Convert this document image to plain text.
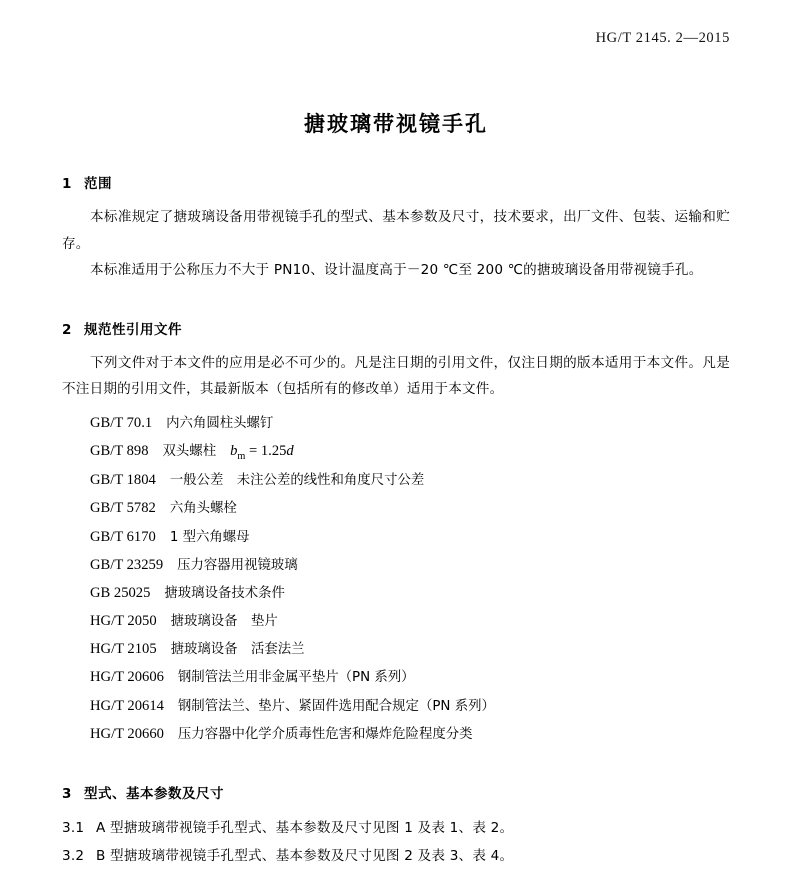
HG/T 2145. 2—2015
搪玻璃带视镜手孔
1 范围

本标准规定了搪玻璃设备用带视镜手孔的型式、基本参数及尺寸，技术要求，出厂文件、包装、运输和贮存。

本标准适用于公称压力不大于 PN10、设计温度高于－20 ℃至 200 ℃的搪玻璃设备用带视镜手孔。

2 规范性引用文件

下列文件对于本文件的应用是必不可少的。凡是注日期的引用文件，仅注日期的版本适用于本文件。凡是不注日期的引用文件，其最新版本（包括所有的修改单）适用于本文件。

GB/T 70.1 内六角圆柱头螺钉
GB/T 898 双头螺柱 $b_m = 1.25d$
GB/T 1804 一般公差　未注公差的线性和角度尺寸公差
GB/T 5782 六角头螺栓
GB/T 6170 1 型六角螺母
GB/T 23259 压力容器用视镜玻璃
GB 25025 搪玻璃设备技术条件
HG/T 2050 搪玻璃设备　垫片
HG/T 2105 搪玻璃设备　活套法兰
HG/T 20606 钢制管法兰用非金属平垫片（PN 系列）
HG/T 20614 钢制管法兰、垫片、紧固件选用配合规定（PN 系列）
HG/T 20660 压力容器中化学介质毒性危害和爆炸危险程度分类
3 型式、基本参数及尺寸
3.1 A 型搪玻璃带视镜手孔型式、基本参数及尺寸见图 1 及表 1、表 2。
3.2 B 型搪玻璃带视镜手孔型式、基本参数及尺寸见图 2 及表 3、表 4。
